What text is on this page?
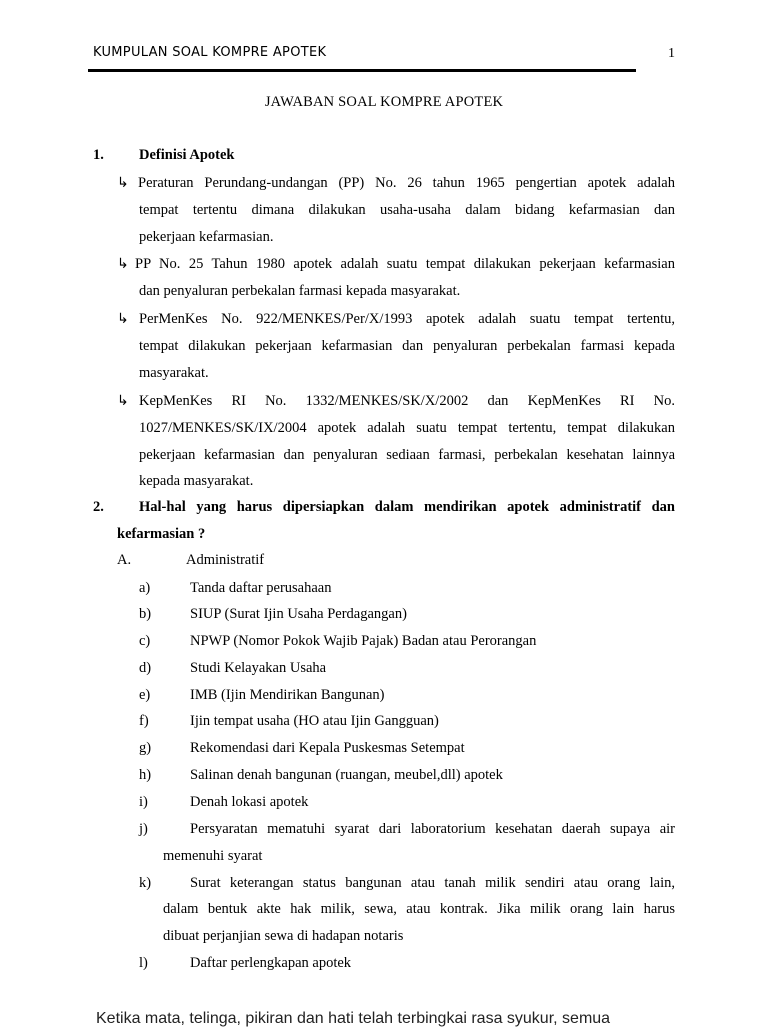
KUMPULAN SOAL KOMPRE APOTEK	1
JAWABAN SOAL KOMPRE APOTEK
1. Definisi Apotek
↳ Peraturan Perundang-undangan (PP) No. 26 tahun 1965 pengertian apotek adalah
tempat tertentu dimana dilakukan usaha-usaha dalam bidang kefarmasian dan
pekerjaan kefarmasian.
↳ PP No. 25 Tahun 1980 apotek adalah suatu tempat dilakukan pekerjaan kefarmasian
dan penyaluran perbekalan farmasi kepada masyarakat.
↳ PerMenKes No. 922/MENKES/Per/X/1993 apotek adalah suatu tempat tertentu,
tempat dilakukan pekerjaan kefarmasian dan penyaluran perbekalan farmasi kepada
masyarakat.
↳ KepMenKes RI No. 1332/MENKES/SK/X/2002 dan KepMenKes RI No.
1027/MENKES/SK/IX/2004 apotek adalah suatu tempat tertentu, tempat dilakukan
pekerjaan kefarmasian dan penyaluran sediaan farmasi, perbekalan kesehatan lainnya
kepada masyarakat.
2. Hal-hal yang harus dipersiapkan dalam mendirikan apotek administratif dan
kefarmasian ?
A.	Administratif
a)	Tanda daftar perusahaan
b)	SIUP (Surat Ijin Usaha Perdagangan)
c)	NPWP (Nomor Pokok Wajib Pajak) Badan atau Perorangan
d)	Studi Kelayakan Usaha
e)	IMB (Ijin Mendirikan Bangunan)
f)	Ijin tempat usaha (HO atau Ijin Gangguan)
g)	Rekomendasi dari Kepala Puskesmas Setempat
h)	Salinan denah bangunan (ruangan, meubel,dll) apotek
i)	Denah lokasi apotek
j)	Persyaratan mematuhi syarat dari laboratorium kesehatan daerah supaya air
memenuhi syarat
k)	Surat keterangan status bangunan atau tanah milik sendiri atau orang lain,
dalam bentuk akte hak milik, sewa, atau kontrak. Jika milik orang lain harus
dibuat perjanjian sewa di hadapan notaris
l)	Daftar perlengkapan apotek
Ketika mata, telinga, pikiran dan hati telah terbingkai rasa syukur, semua
